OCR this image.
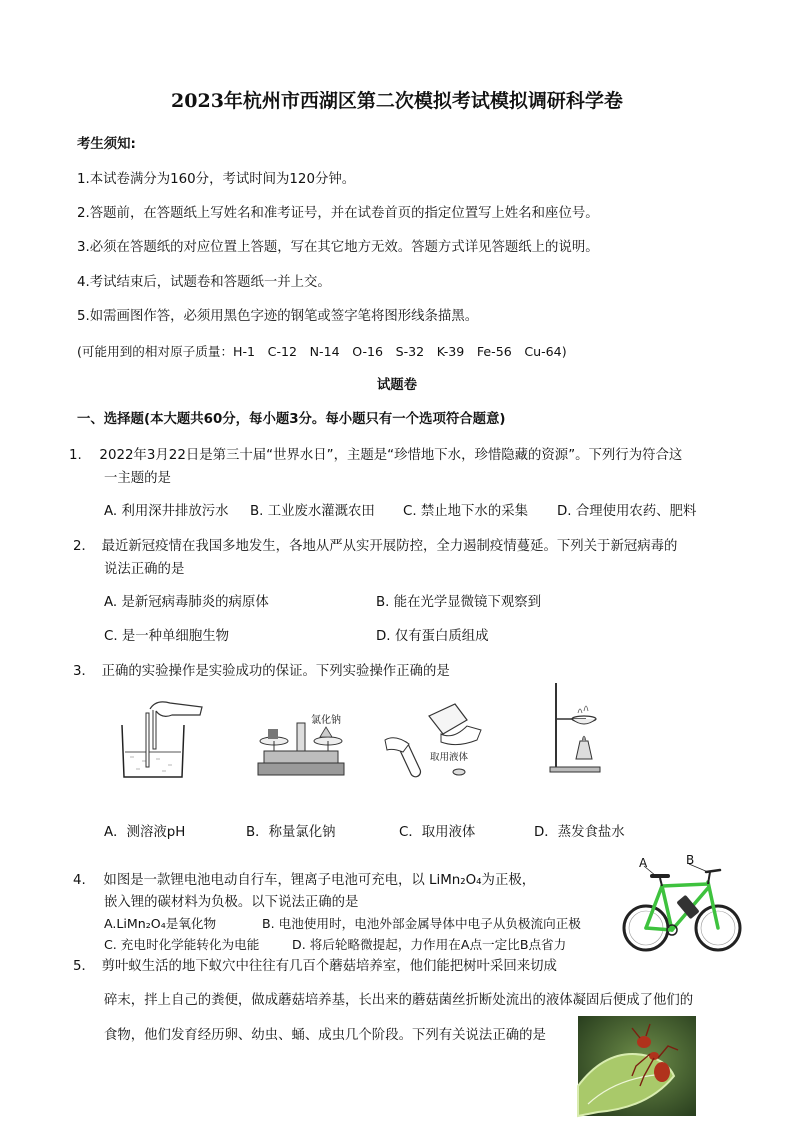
2023年杭州市西湖区第二次模拟考试模拟调研科学卷
考生须知:
1.本试卷满分为160分，考试时间为120分钟。
2.答题前，在答题纸上写姓名和准考证号，并在试卷首页的指定位置写上姓名和座位号。
3.必须在答题纸的对应位置上答题，写在其它地方无效。答题方式详见答题纸上的说明。
4.考试结束后，试题卷和答题纸一并上交。
5.如需画图作答，必须用黑色字迹的钢笔或签字笔将图形线条描黑。
(可能用到的相对原子质量：H-1　C-12　N-14　O-16　S-32　K-39　Fe-56　Cu-64)
试题卷
一、选择题(本大题共60分，每小题3分。每小题只有一个选项符合题意)
1.　 2022年3月22日是第三十届“世界水日”，主题是“珍惜地下水，珍惜隐藏的资源”。下列行为符合这
一主题的是
A. 利用深井排放污水 B. 工业废水灌溉农田 C. 禁止地下水的采集 D. 合理使用农药、肥料
2．　最近新冠疫情在我国多地发生，各地从严从实开展防控，全力遏制疫情蔓延。下列关于新冠病毒的
说法正确的是
A. 是新冠病毒肺炎的病原体	B. 能在光学显微镜下观察到
C. 是一种单细胞生物	D. 仅有蛋白质组成
3．　正确的实验操作是实验成功的保证。下列实验操作正确的是
氯化钠
取用液体
A．测溶液pH	B．称量氯化钠	C．取用液体	D．蒸发食盐水
4.　 如图是一款锂电池电动自行车，锂离子电池可充电，以 LiMn₂O₄为正极，
嵌入锂的碳材料为负极。以下说法正确的是
A.LiMn₂O₄是氧化物	B. 电池使用时，电池外部金属导体中电子从负极流向正极
C. 充电时化学能转化为电能	D. 将后轮略微提起，力作用在A点一定比B点省力
A	B
5．　剪叶蚁生活的地下蚁穴中往往有几百个蘑菇培养室，他们能把树叶采回来切成
碎末，拌上自己的粪便，做成蘑菇培养基，长出来的蘑菇菌丝折断处流出的液体凝固后便成了他们的
食物，他们发育经历卵、幼虫、蛹、成虫几个阶段。下列有关说法正确的是
